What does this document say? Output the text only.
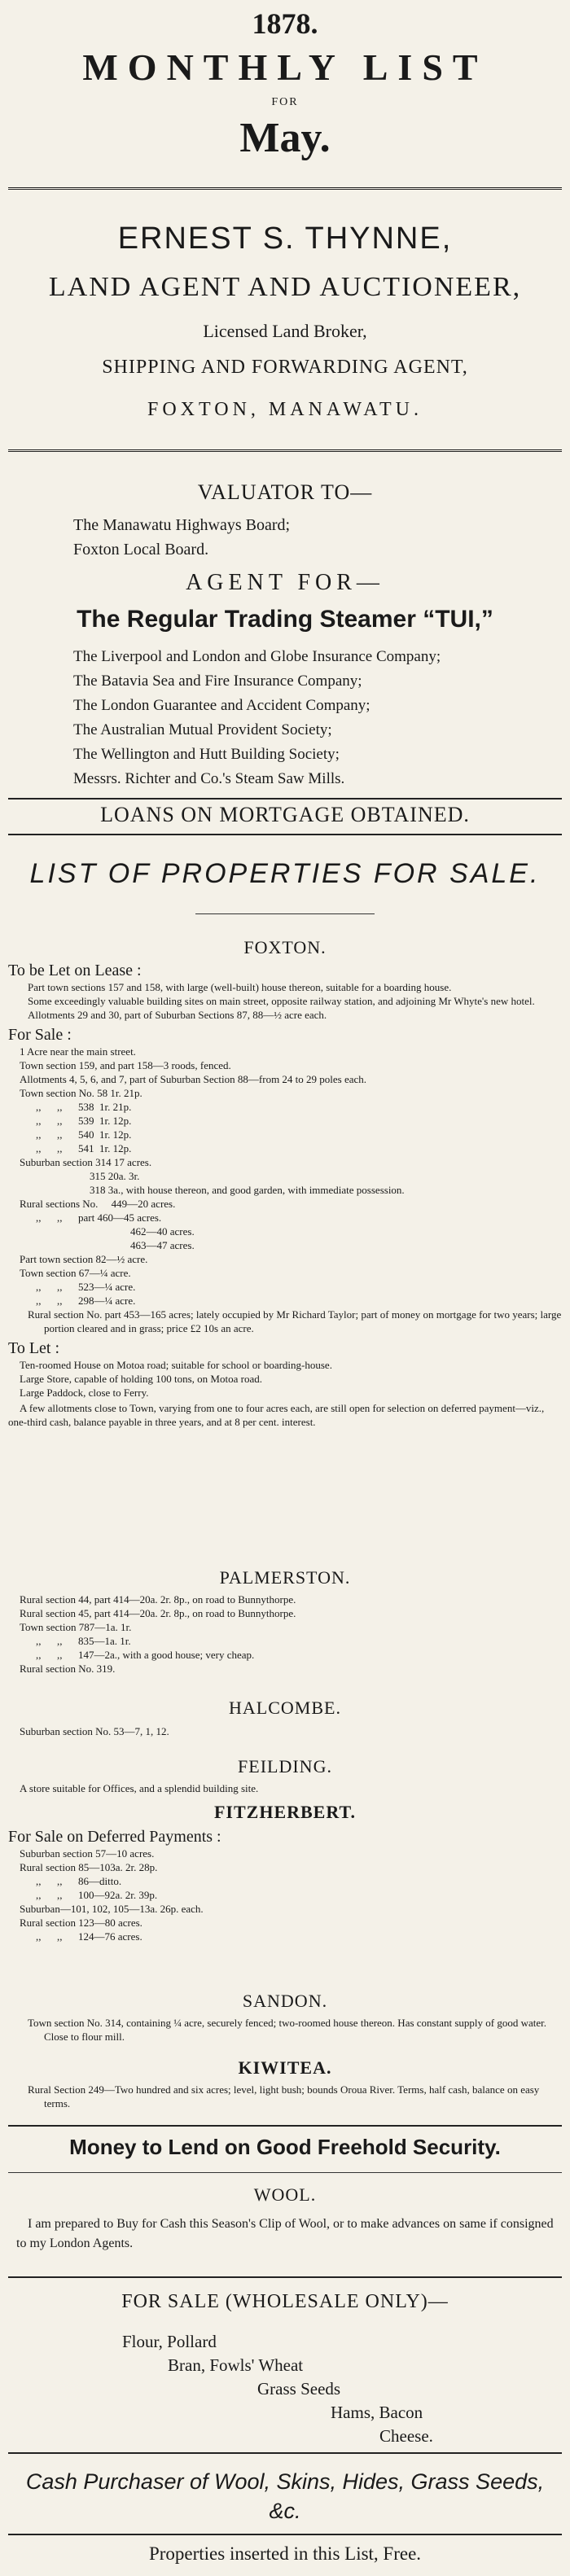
1878.
MONTHLY LIST
FOR
May.
ERNEST S. THYNNE,
LAND AGENT AND AUCTIONEER,
Licensed Land Broker,
SHIPPING AND FORWARDING AGENT,
FOXTON, MANAWATU.
VALUATOR TO—
The Manawatu Highways Board;
Foxton Local Board.
AGENT FOR—
The Regular Trading Steamer “TUI,”
The Liverpool and London and Globe Insurance Company;
The Batavia Sea and Fire Insurance Company;
The London Guarantee and Accident Company;
The Australian Mutual Provident Society;
The Wellington and Hutt Building Society;
Messrs. Richter and Co.'s Steam Saw Mills.
LOANS ON MORTGAGE OBTAINED.
LIST OF PROPERTIES FOR SALE.
FOXTON.
To be Let on Lease :
Part town sections 157 and 158, with large (well-built) house thereon, suitable for a boarding house.
Some exceedingly valuable building sites on main street, opposite railway station, and adjoining Mr Whyte's new hotel.
Allotments 29 and 30, part of Suburban Sections 87, 88—½ acre each.
For Sale :
1 Acre near the main street.
Town section 159, and part 158—3 roods, fenced.
Allotments 4, 5, 6, and 7, part of Suburban Section 88—from 24 to 29 poles each.
Town section No. 58 1r. 21p.
,,      ,,      538  1r. 21p.
,,      ,,      539  1r. 12p.
,,      ,,      540  1r. 12p.
,,      ,,      541  1r. 12p.
Suburban section 314 17 acres.
315 20a. 3r.
318 3a., with house thereon, and good garden, with immediate possession.
Rural sections No.     449—20 acres.
,,      ,,      part 460—45 acres.
462—40 acres.
463—47 acres.
Part town section 82—½ acre.
Town section 67—¼ acre.
,,      ,,      523—¼ acre.
,,      ,,      298—¼ acre.
Rural section No. part 453—165 acres; lately occupied by Mr Richard Taylor; part of money on mortgage for two years; large portion cleared and in grass; price £2 10s an acre.
To Let :
Ten-roomed House on Motoa road; suitable for school or boarding-house.
Large Store, capable of holding 100 tons, on Motoa road.
Large Paddock, close to Ferry.
A few allotments close to Town, varying from one to four acres each, are still open for selection on deferred payment—viz., one-third cash, balance payable in three years, and at 8 per cent. interest.
PALMERSTON.
Rural section 44, part 414—20a. 2r. 8p., on road to Bunnythorpe.
Rural section 45, part 414—20a. 2r. 8p., on road to Bunnythorpe.
Town section 787—1a. 1r.
,,      ,,      835—1a. 1r.
,,      ,,      147—2a., with a good house; very cheap.
Rural section No. 319.
HALCOMBE.
Suburban section No. 53—7, 1, 12.
FEILDING.
A store suitable for Offices, and a splendid building site.
FITZHERBERT.
For Sale on Deferred Payments :
Suburban section 57—10 acres.
Rural section 85—103a. 2r. 28p.
,,      ,,      86—ditto.
,,      ,,      100—92a. 2r. 39p.
Suburban—101, 102, 105—13a. 26p. each.
Rural section 123—80 acres.
,,      ,,      124—76 acres.
SANDON.
Town section No. 314, containing ¼ acre, securely fenced; two-roomed house thereon. Has constant supply of good water. Close to flour mill.
KIWITEA.
Rural Section 249—Two hundred and six acres; level, light bush; bounds Oroua River. Terms, half cash, balance on easy terms.
Money to Lend on Good Freehold Security.
WOOL.
I am prepared to Buy for Cash this Season's Clip of Wool, or to make advances on same if consigned to my London Agents.
FOR SALE (WHOLESALE ONLY)—
Flour, Pollard
Bran, Fowls' Wheat
Grass Seeds
Hams, Bacon
Cheese.
Cash Purchaser of Wool, Skins, Hides, Grass Seeds, &c.
Properties inserted in this List, Free.
